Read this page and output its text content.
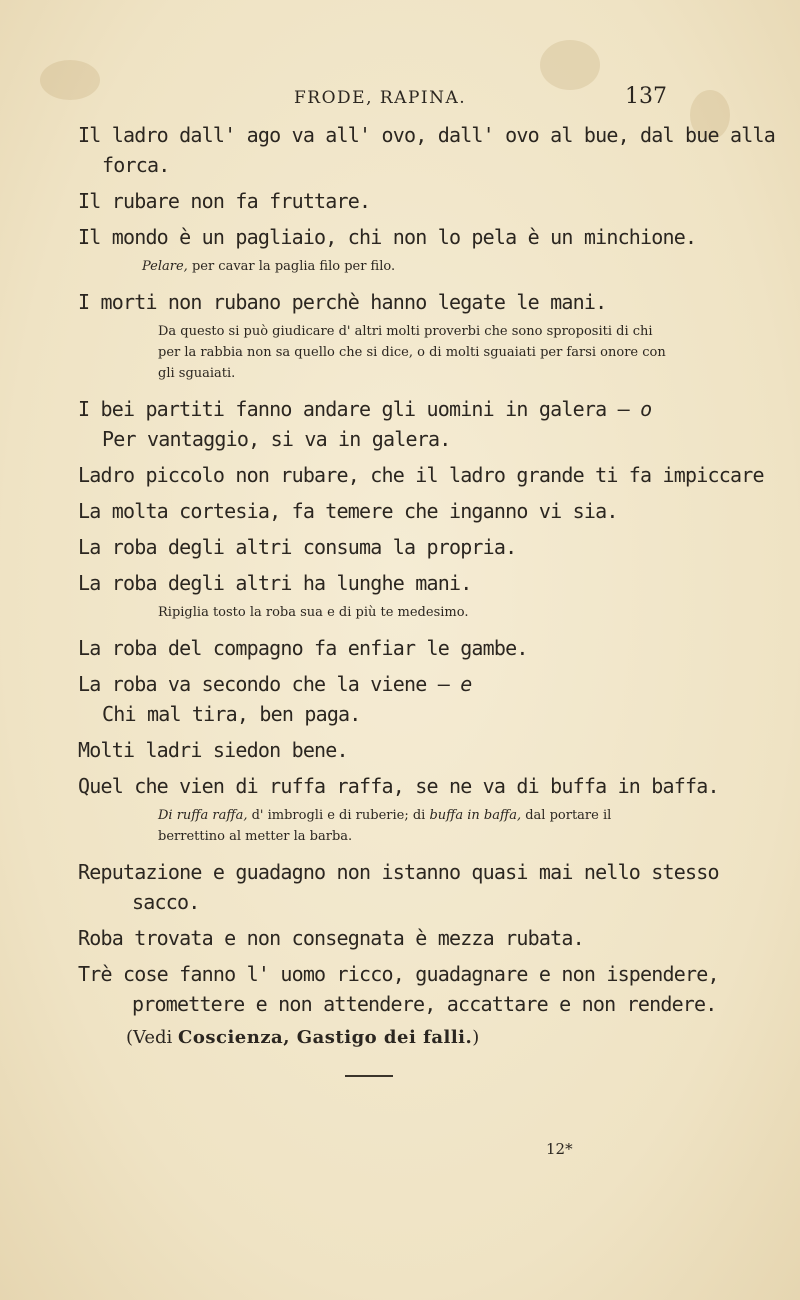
FRODE, RAPINA.	137

Il ladro dall' ago va all' ovo, dall' ovo al bue, dal bue alla

forca.

Il rubare non fa fruttare.

Il mondo è un pagliaio, chi non lo pela è un minchione.

Pelare, per cavar la paglia filo per filo.

I morti non rubano perchè hanno legate le mani.

Da questo si può giudicare d' altri molti proverbi che sono spropositi di chi per la rabbia non sa quello che si dice, o di molti sguaiati per farsi onore con gli sguaiati.

I bei partiti fanno andare gli uomini in galera — o

Per vantaggio, si va in galera.

Ladro piccolo non rubare, che il ladro grande ti fa impiccare

La molta cortesia, fa temere che inganno vi sia.

La roba degli altri consuma la propria.

La roba degli altri ha lunghe mani.

Ripiglia tosto la roba sua e di più te medesimo.

La roba del compagno fa enfiar le gambe.

La roba va secondo che la viene — e

Chi mal tira, ben paga.

Molti ladri siedon bene.

Quel che vien di ruffa raffa, se ne va di buffa in baffa.

Di ruffa raffa, d' imbrogli e di ruberie; di buffa in baffa, dal portare il berrettino al metter la barba.

Reputazione e guadagno non istanno quasi mai nello stesso

sacco.

Roba trovata e non consegnata è mezza rubata.

Trè cose fanno l' uomo ricco, guadagnare e non ispendere,

promettere e non attendere, accattare e non rendere.

(Vedi Coscienza, Gastigo dei falli.)

12*
